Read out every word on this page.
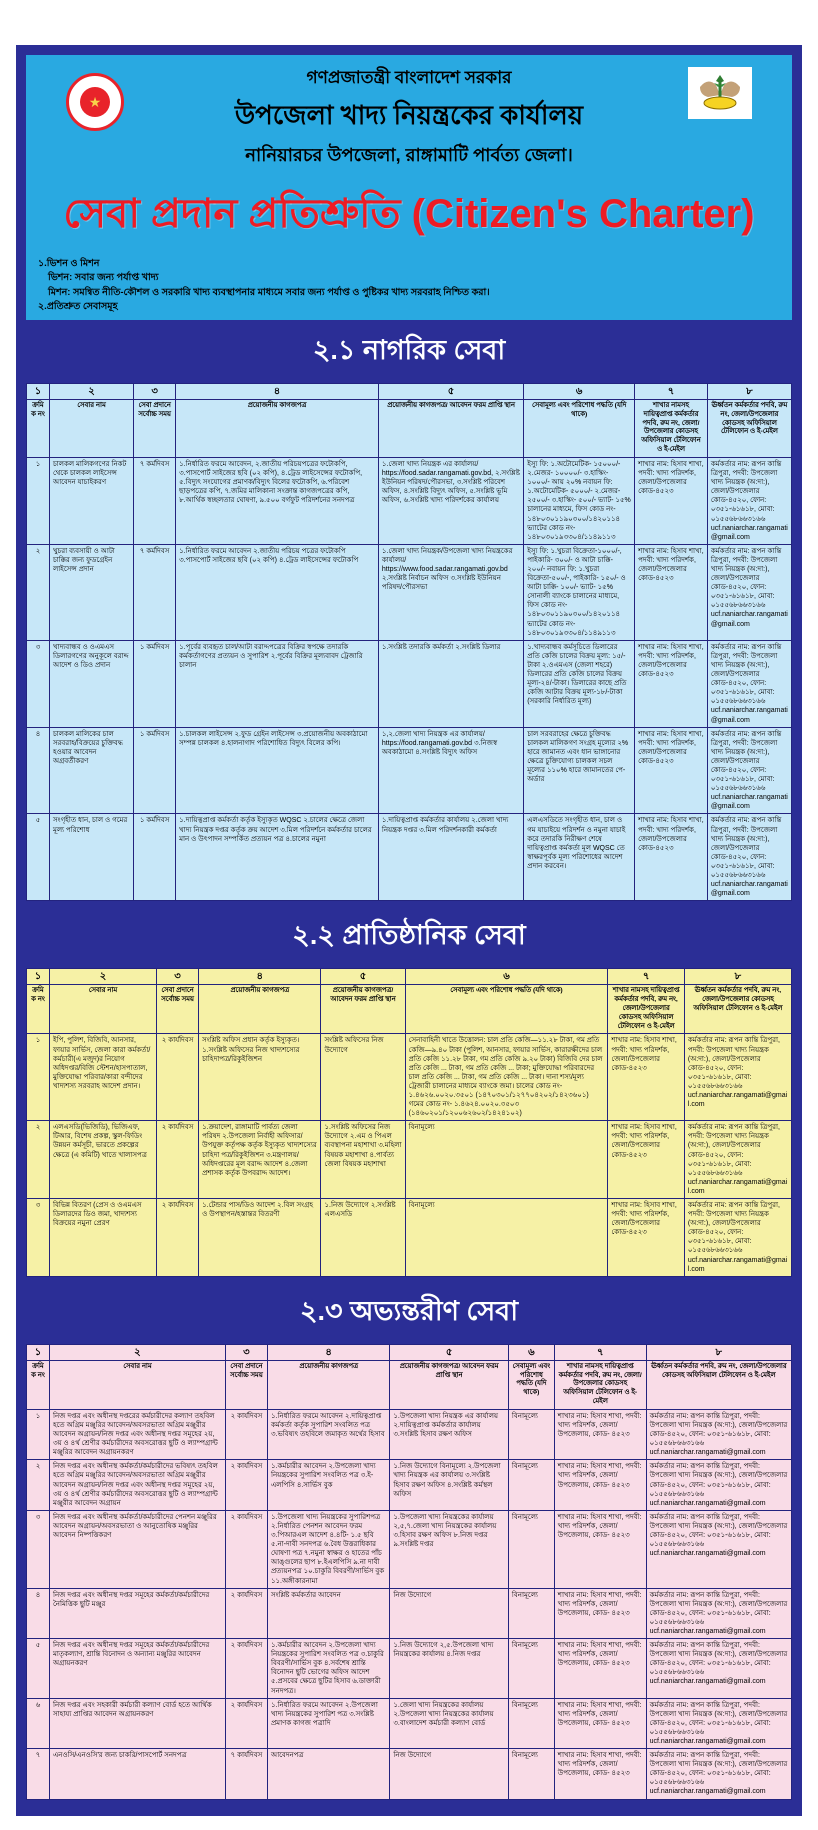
★
গণপ্রজাতন্ত্রী বাংলাদেশ সরকার
উপজেলা খাদ্য নিয়ন্ত্রকের কার্যালয়
নানিয়ারচর উপজেলা, রাঙ্গামাটি পার্বত্য জেলা।
সেবা প্রদান প্রতিশ্রুতি (Citizen's Charter)
১.ভিশন ও মিশন
ভিশন: সবার জন্য পর্যাপ্ত খাদ্য
মিশন: সমন্বিত নীতি-কৌশল ও সরকারি খাদ্য ব্যবস্থাপনার মাধ্যমে সবার জন্য পর্যাপ্ত ও পুষ্টিকর খাদ্য সরবরাহ নিশ্চিত করা।
২.প্রতিশ্রুত সেবাসমূহ
২.১ নাগরিক সেবা
১	২	৩	৪	৫	৬	৭	৮
ক্রমিক নং	সেবার নাম	সেবা প্রদানে সর্বোচ্চ সময়	প্রয়োজনীয় কাগজপত্র	প্রয়োজনীয় কাগজপত্র/ আবেদন ফরম প্রাপ্তি স্থান	সেবামূল্য এবং পরিশোধ পদ্ধতি (যদি থাকে)	শাখার নামসহ দায়িত্বপ্রাপ্ত কর্মকর্তার পদবি, রুম নং, জেলা/উপজেলার কোডসহ অফিসিয়াল টেলিফোন ও ই-মেইল	ঊর্ধ্বতন কর্মকর্তার পদবি, রুম নং, জেলা/উপজেলার কোডসহ অফিসিয়াল টেলিফোন ও ই-মেইল
১	চালকল মালিকগণের নিকট থেকে চালকল লাইসেন্স আবেদন যাচাইকরণ	৭ কর্মদিবস	১.নির্ধারিত ফরমে আবেদন, ২.জাতীয় পরিচয়পত্রের ফটোকপি, ৩.পাসপোর্ট সাইজের ছবি (০২ কপি), ৪.ট্রেড লাইসেন্সের ফটোকপি, ৫.বিদ্যুৎ সংযোগের প্রমাণক/বিদ্যুৎ বিলের ফটোকপি, ৬.পরিবেশ ছাড়পত্রের কপি, ৭.জমির মালিকানা সংক্রান্ত কাগজপত্রের কপি, ৮.আর্থিক স্বচ্ছলতার ঘোষণা, ৯.৫০০ বর্গফুট পরিদর্শনের সনদপত্র	১.জেলা খাদ্য নিয়ন্ত্রক এর কার্যালয়/ https://food.sadar.rangamati.gov.bd, ২.সংশ্লিষ্ট ইউনিয়ন পরিষদ/পৌরসভা, ৩.সংশ্লিষ্ট পরিবেশ অফিস, ৪.সংশ্লিষ্ট বিদ্যুৎ অফিস, ৫.সংশ্লিষ্ট ভূমি অফিস, ৬.সংশ্লিষ্ট খাদ্য পরিদর্শকের কার্যালয়	ইস্যু ফি: ১.অটোমেটিক- ১৫০০০/- ২.মেজর- ১০০০০/- ৩.হাস্কিং- ১০০০/- আয় ২০% নবায়ন ফি: ১.অটোমেটিক- ৫০০০/- ২.মেজর- ২৫০০/- ৩.হাস্কিং- ৫০০/- ভ্যাট- ১৫% চালানের মাধ্যমে, ফিস কোড নং- ১৪৮০৩০১১৯০৩০০/১৪২০১১৪ ভ্যাটের কোড নং- ১৪৮০৩০১৯৩৩০৪/১১৪৯১১৩	শাখার নাম: হিসাব শাখা, পদবী: খাদ্য পরিদর্শক, জেলা/উপজেলার কোড-৪৫২৩	কর্মকর্তার নাম: রূপন কান্তি ত্রিপুরা, পদবী: উপজেলা খাদ্য নিয়ন্ত্রক (অ:দা:), জেলা/উপজেলার কোড-৪৫২০, ফোন: ০৩৫১-৬১৬১৮, মোবা: ০১৫৫৬৮৬৬৩১৬৬ ucf.naniarchar.rangamati@gmail.com
২	খুচরা ব্যবসায়ী ও আটা চাক্কির জন্য ফুডগ্রেইন লাইসেন্স প্রদান	৭ কর্মদিবস	১.নির্ধারিত ফরমে আবেদন ২.জাতীয় পরিচয় পত্রের ফটোকপি ৩.পাসপোর্ট সাইজের ছবি (০২ কপি) ৪.ট্রেড লাইসেন্সের ফটোকপি	১.জেলা খাদ্য নিয়ন্ত্রক/উপজেলা খাদ্য নিয়ন্ত্রকের কার্যালয়/ https://www.food.sadar.rangamati.gov.bd ২.সংশ্লিষ্ট নির্বাচন অফিস ৩.সংশ্লিষ্ট ইউনিয়ন পরিষদ/পৌরসভা	ইস্যু ফি: ১.খুচরা বিক্রেতা-১০০০/-, পাইকারি- ৩০০/- ও আটা চাক্কি- ২০০/- নবায়ন ফি: ১.খুচরা বিক্রেতা-৫০০/-, পাইকারি- ১৫০/- ও আটা চাক্কি- ১০০/- ভ্যাট- ১৫% সোনালী ব্যাংকে চালানের মাধ্যমে, ফিস কোড নং- ১৪৮০৩০১১৯০৩০০/১৪২০১১৪ ভ্যাটের কোড নং- ১৪৮০৩০১৯৩৩০৪/১১৪৯১১৩	শাখার নাম: হিসাব শাখা, পদবী: খাদ্য পরিদর্শক, জেলা/উপজেলার কোড-৪৫২৩	কর্মকর্তার নাম: রূপন কান্তি ত্রিপুরা, পদবী: উপজেলা খাদ্য নিয়ন্ত্রক (অ:দা:), জেলা/উপজেলার কোড-৪৫২০, ফোন: ০৩৫১-৬১৬১৮, মোবা: ০১৫৫৬৮৬৬৩১৬৬ ucf.naniarchar.rangamati@gmail.com
৩	খাদ্যবান্ধব ও ওএমএস ডিলারগণের অনুকূলে বরাদ্দ আদেশ ও ডিও প্রদান	১ কর্মদিবস	১.পূর্বের ব্যবহৃত চাল/আটা বরাদ্দপত্রের বিক্রির স্বপক্ষে তদারকি কর্মকর্তাগণের প্রত্যয়ন ও সুপারিশ ২.পূর্বের বিক্রির মূল্যবাবদ ট্রেজারি চালান	১.সংশ্লিষ্ট তদারকি কর্মকর্তা ২.সংশ্লিষ্ট ডিলার	১.খাদ্যবান্ধব কর্মসূচিতে ডিলারের প্রতি কেজি চালের বিক্রয় মূল্য: ১৫/-টাকা ২.ওএমএস (জেলা শহরে) ডিলারের প্রতি কেজি চালের বিক্রয় মূল্য-২৪/-টাকা। ডিলারের কাছে প্রতি কেজি আটার বিক্রয় মূল্য-১৮/-টাকা (সরকারি নির্ধারিত মূল্য)	শাখার নাম: হিসাব শাখা, পদবী: খাদ্য পরিদর্শক, জেলা/উপজেলার কোড-৪৫২৩	কর্মকর্তার নাম: রূপন কান্তি ত্রিপুরা, পদবী: উপজেলা খাদ্য নিয়ন্ত্রক (অ:দা:), জেলা/উপজেলার কোড-৪৫২০, ফোন: ০৩৫১-৬১৬১৮, মোবা: ০১৫৫৬৮৬৬৩১৬৬ ucf.naniarchar.rangamati@gmail.com
৪	চালকল মালিকের চাল সরবরাহ/বিক্রয়ের চুক্তিবদ্ধ হওয়ার আবেদন অগ্রবর্তীকরণ	১ কর্মদিবস	১.চালকল লাইসেন্স ২.ফুড গ্রেইন লাইসেন্স ৩.প্রয়োজনীয় অবকাঠামো সম্পন্ন চালকল ৪.হালনাগাদ পরিশোধিত বিদ্যুৎ বিলের কপি।	১,২.জেলা খাদ্য নিয়ন্ত্রক এর কার্যালয়/ https://food.rangamati.gov.bd ৩.নিজস্ব অবকাঠামো ৪.সংশ্লিষ্ট বিদ্যুৎ অফিস	চাল সরবরাহের ক্ষেত্রে চুক্তিবদ্ধ চালকল মালিকগণ সংগ্রহ মূল্যের ২% হারে জামানত এবং ধান ভাঙ্গানোর ক্ষেত্রে চুক্তিযোগ্য চালকল সচল মূল্যের ১১০% হারে জামানতের পে-অর্ডার	শাখার নাম: হিসাব শাখা, পদবী: খাদ্য পরিদর্শক, জেলা/উপজেলার কোড-৪৫২৩	কর্মকর্তার নাম: রূপন কান্তি ত্রিপুরা, পদবী: উপজেলা খাদ্য নিয়ন্ত্রক (অ:দা:), জেলা/উপজেলার কোড-৪৫২০, ফোন: ০৩৫১-৬১৬১৮, মোবা: ০১৫৫৬৮৬৬৩১৬৬ ucf.naniarchar.rangamati@gmail.com
৫	সংগৃহীত ধান, চাল ও গমের মূল্য পরিশোধ	১ কর্মদিবস	১.দায়িত্বপ্রাপ্ত কর্মকর্তা কর্তৃক ইস্যুকৃত WQSC ২.চালের ক্ষেত্রে জেলা খাদ্য নিয়ন্ত্রক দপ্তর কর্তৃক ক্রয় আদেশ ৩.মিল পরিদর্শনে কর্মকর্তার চালের মান ও উৎপাদন সম্পর্কিত প্রত্যয়ন পত্র ৪.চালের নমুনা	১.দায়িত্বপ্রাপ্ত কর্মকর্তার কার্যালয় ২.জেলা খাদ্য নিয়ন্ত্রক দপ্তর ৩.মিল পরিদর্শনকারী কর্মকর্তা	এলএসডিতে সংগৃহীত ধান, চাল ও গম যাচাইয়ে পরিদর্শন ও নমুনা যাচাই করে তদারকি নিরীক্ষণ শেষে দায়িত্বপ্রাপ্ত কর্মকর্তা মূল WQSC তে স্বাক্ষরপূর্বক মূল্য পরিশোধের আদেশ প্রদান করবেন।	শাখার নাম: হিসাব শাখা, পদবী: খাদ্য পরিদর্শক, জেলা/উপজেলার কোড-৪৫২৩	কর্মকর্তার নাম: রূপন কান্তি ত্রিপুরা, পদবী: উপজেলা খাদ্য নিয়ন্ত্রক (অ:দা:), জেলা/উপজেলার কোড-৪৫২০, ফোন: ০৩৫১-৬১৬১৮, মোবা: ০১৫৫৬৮৬৬৩১৬৬ ucf.naniarchar.rangamati@gmail.com
২.২ প্রাতিষ্ঠানিক সেবা
১	২	৩	৪	৫	৬	৭	৮
ক্রমিক নং	সেবার নাম	সেবা প্রদানে সর্বোচ্চ সময়	প্রয়োজনীয় কাগজপত্র	প্রয়োজনীয় কাগজপত্র/ আবেদন ফরম প্রাপ্তি স্থান	সেবামূল্য এবং পরিশোধ পদ্ধতি (যদি থাকে)	শাখার নামসহ দায়িত্বপ্রাপ্ত কর্মকর্তার পদবি, রুম নং, জেলা/উপজেলার কোডসহ অফিসিয়াল টেলিফোন ও ই-মেইল	ঊর্ধ্বতন কর্মকর্তার পদবি, রুম নং, জেলা/উপজেলার কোডসহ অফিসিয়াল টেলিফোন ও ই-মেইল
১	ইপি, পুলিশ, বিজিবি, আনসার, ফায়ার সার্ভিস, জেলা কারা কর্মকর্তা/কর্মচারী(এ মজুদ)র নিয়োগ অধিদপ্তর/বিজি স্টেশন/হাসপাতাল, মুক্তিযোদ্ধা পরিবার/কারা বন্দীদের খাদ্যশস্য সরবরাহ আদেশ প্রদান।	২ কার্যদিবস	সংশ্লিষ্ট অফিস প্রধান কর্তৃক ইস্যুকৃত। ১.সংশ্লিষ্ট অফিসের নিজ খাদ্যশস্যের চাহিদাপত্র/রিকুইজিশন	সংশ্লিষ্ট অফিসের নিজ উদ্যোগে	সেনাবাহিনী খাতে উত্তোলন: চাল প্রতি কেজি—১১.২৮ টাকা, গম প্রতি কেজি—৯.৪০ টাকা (পুলিশ, আনসার, ফায়ার সার্ভিস, কারারক্ষীদের চাল প্রতি কেজি ১১.২৮ টাকা, গম প্রতি কেজি ৯.২০ টাকা) বিজিবি দের চাল প্রতি কেজি ... টাকা, গম প্রতি কেজি ... টাকা; মুক্তিযোদ্ধা পরিবারদের চাল প্রতি কেজি ... টাকা, গম প্রতি কেজি ... টাকা। দানা শস্য/মূল্য ট্রেজারী চালানের মাধ্যমে ব্যাংকে জমা। চালের কোড নং- ১.৪৬২৬.০০২০.৩৫০১ (১৪৭০৩০১/১২৭৭০৪২০২/১৪২৩৬০১) গমের কোড নং- ১.৪৬২৪.০০২০.৩৫০৩ (১৪৬০২০১/১২০০৬২৬০২/১৪২৪১০২)	শাখার নাম: হিসাব শাখা, পদবী: খাদ্য পরিদর্শক, জেলা/উপজেলার কোড-৪৫২৩	কর্মকর্তার নাম: রূপন কান্তি ত্রিপুরা, পদবী: উপজেলা খাদ্য নিয়ন্ত্রক (অ:দা:), জেলা/উপজেলার কোড-৪৫২০, ফোন: ০৩৫১-৬১৬১৮, মোবা: ০১৫৫৬৮৬৬৩১৬৬ ucf.naniarchar.rangamati@gmail.com
২	এলএসডি(ভিজিডি), ভিজিএফ, টিআর, বিশেষ প্রকল্প, স্কুল-ফিডিং উন্নয়ন কর্মসূচী, ভারতে প্রকল্পের ক্ষেত্রে (এ কমিটি) খাতে খালাসপত্র	২ কার্যদিবস	১.ক্রয়াদেশ, রাঙ্গামাটি পার্বত্য জেলা পরিষদ ২.উপজেলা নির্বাহী অফিসার/উপযুক্ত কর্তৃপক্ষ কর্তৃক ইস্যুকৃত খাদ্যশস্যের চাহিদা পত্র/রিকুইজিশন ৩.মন্ত্রণালয়/অধিদপ্তরের মূল বরাদ্দ আদেশ ৪.জেলা প্রশাসক কর্তৃক উপবরাদ্দ আদেশ।	১.সংশ্লিষ্ট অফিসের নিজ উদ্যোগে ২.এম ও পিএল ব্যবস্থাপনা মহাশাখা ৩.মহিলা বিষয়ক মহাশাখা ৪.পার্বত্য জেলা বিষয়ক মহাশাখা	বিনামূল্যে	শাখার নাম: হিসাব শাখা, পদবী: খাদ্য পরিদর্শক, জেলা/উপজেলার কোড-৪৫২৩	কর্মকর্তার নাম: রূপন কান্তি ত্রিপুরা, পদবী: উপজেলা খাদ্য নিয়ন্ত্রক (অ:দা:), জেলা/উপজেলার কোড-৪৫২০, ফোন: ০৩৫১-৬১৬১৮, মোবা: ০১৫৫৬৮৬৬৩১৬৬ ucf.naniarchar.rangamati@gmail.com
৩	বিভিন্ন বিতরণ (প্রেস ও ওএমএস ডিলারদের ডিও জমা, খাদ্যশস্য বিক্রয়ের নমুনা প্রেরণ	২ কার্যদিবস	১.টেন্ডার পাস/ডিও আদেশ ২.বিল সংগ্রহ ও উপস্থাপন/হস্তান্তর বিতরণী	১.নিজ উদ্যোগে ২.সংশ্লিষ্ট এলএসডি	বিনামূল্যে	শাখার নাম: হিসাব শাখা, পদবী: খাদ্য পরিদর্শক, জেলা/উপজেলার কোড-৪৫২৩	কর্মকর্তার নাম: রূপন কান্তি ত্রিপুরা, পদবী: উপজেলা খাদ্য নিয়ন্ত্রক (অ:দা:), জেলা/উপজেলার কোড-৪৫২০, ফোন: ০৩৫১-৬১৬১৮, মোবা: ০১৫৫৬৮৬৬৩১৬৬ ucf.naniarchar.rangamati@gmail.com
২.৩ অভ্যন্তরীণ সেবা
১	২	৩	৪	৫	৬	৭	৮
ক্রমিক নং	সেবার নাম	সেবা প্রদানে সর্বোচ্চ সময়	প্রয়োজনীয় কাগজপত্র	প্রয়োজনীয় কাগজপত্র/ আবেদন ফরম প্রাপ্তি স্থান	সেবামূল্য এবং পরিশোধ পদ্ধতি (যদি থাকে)	শাখার নামসহ দায়িত্বপ্রাপ্ত কর্মকর্তার পদবি, রুম নং, জেলা/উপজেলার কোডসহ অফিসিয়াল টেলিফোন ও ই-মেইল	ঊর্ধ্বতন কর্মকর্তার পদবি, রুম নং, জেলা/উপজেলার কোডসহ অফিসিয়াল টেলিফোন ও ই-মেইল
১	নিজ দপ্তর এবং অধীনস্থ দপ্তরের কর্মচারীদের কল্যাণ তহবিল হতে অগ্রিম মঞ্জুরির আবেদন/অবসরভাতা অগ্রিম মঞ্জুরীর আবেদন অগ্রায়ন/নিজ দপ্তর এবং অধীনস্থ দপ্তর সমূহের ২য়, ৩য় ও ৪র্থ শ্রেণীর কর্মচারীদের অবসরোত্তর ছুটি ও ল্যাম্পগ্রান্ট মঞ্জুরির আবেদন অগ্রায়নকরণ	২ কার্যদিবস	১.নির্ধারিত ফরমে আবেদন ২.দায়িত্বপ্রাপ্ত কর্মকর্তা কর্তৃক সুপারিশ সংবলিত পত্র ৩.ভবিষ্যৎ তহবিলে জমাকৃত অর্থের হিসাব	১.উপজেলা খাদ্য নিয়ন্ত্রক এর কার্যালয় ২.দায়িত্বপ্রাপ্ত কর্মকর্তার কার্যালয় ৩.সংশ্লিষ্ট হিসাব রক্ষণ অফিস	বিনামূল্যে	শাখার নাম: হিসাব শাখা, পদবী: খাদ্য পরিদর্শক, জেলা/উপজেলায়, কোড- ৪৫২৩	কর্মকর্তার নাম: রূপন কান্তি ত্রিপুরা, পদবী: উপজেলা খাদ্য নিয়ন্ত্রক (অ:দা:), জেলা/উপজেলার কোড-৪৫২০, ফোন: ০৩৫১-৬১৬১৮, মোবা: ০১৫৫৬৮৬৬৩১৬৬ ucf.naniarchar.rangamati@gmail.com
২	নিজ দপ্তর এবং অধীনস্থ কর্মকর্তা/কর্মচারীদের ভবিষ্যৎ তহবিল হতে অগ্রিম মঞ্জুরির আবেদন/অবসরভাতা অগ্রিম মঞ্জুরীর আবেদন অগ্রায়ন/নিজ দপ্তর এবং অধীনস্থ দপ্তর সমূহের ২য়, ৩য় ও ৪র্থ শ্রেণীর কর্মচারীদের অবসরোত্তর ছুটি ও ল্যাম্পগ্রান্ট মঞ্জুরীর আবেদন অগ্রায়ন	২ কার্যদিবস	১.কর্মচারীর আবেদন ২.উপজেলা খাদ্য নিয়ন্ত্রকের সুপারিশ সংবলিত পত্র ৩.ই-এলপিসি ৪.সার্ভিস বুক	১.নিজ উদ্যোগে বিনামূল্যে ২.উপজেলা খাদ্য নিয়ন্ত্রক এর কার্যালয় ৩.সংশ্লিষ্ট হিসাব রক্ষণ অফিস ৪.সংশ্লিষ্ট কর্মস্থল অফিস	বিনামূল্যে	শাখার নাম: হিসাব শাখা, পদবী: খাদ্য পরিদর্শক, জেলা/উপজেলায়, কোড- ৪৫২৩	কর্মকর্তার নাম: রূপন কান্তি ত্রিপুরা, পদবী: উপজেলা খাদ্য নিয়ন্ত্রক (অ:দা:), জেলা/উপজেলার কোড-৪৫২০, ফোন: ০৩৫১-৬১৬১৮, মোবা: ০১৫৫৬৮৬৬৩১৬৬ ucf.naniarchar.rangamati@gmail.com
৩	নিজ দপ্তর এবং অধীনস্থ কর্মকর্তা/কর্মচারীদের পেনশন মঞ্জুরির আবেদন অগ্রায়ন/অবসরভাতা ও আনুতোষিক মঞ্জুরির আবেদন নিষ্পত্তিকরণ	২ কার্যদিবস	১.উপজেলা খাদ্য নিয়ন্ত্রকের সুপারিশপত্র ২.নির্ধারিত পেনশন আবেদন ফরম ৩.পিআরএল আদেশ ৪.৪টি- ১.৫ ছবি ৫.না-দাবী সনদপত্র ৬.বৈধ উত্তরাধিকার ঘোষণা পত্র ৭.নমুনা স্বাক্ষর ও হাতের পাঁচ আঙ্গুলের ছাপ ৮.ইএলপিসি ৯.না দাবী প্রত্যয়নপত্র ১০.চাকুরি বিবরণী/সার্ভিস বুক ১১.অঙ্গীকারনামা	১.উপজেলা খাদ্য নিয়ন্ত্রকের কার্যালয় ২,৫,৭.জেলা খাদ্য নিয়ন্ত্রকের কার্যালয় ৩.হিসাব রক্ষণ অফিস ৮.নিজ দপ্তর ৯.সংশ্লিষ্ট দপ্তর	বিনামূল্যে	শাখার নাম: হিসাব শাখা, পদবী: খাদ্য পরিদর্শক, জেলা/উপজেলায়, কোড- ৪৫২৩	কর্মকর্তার নাম: রূপন কান্তি ত্রিপুরা, পদবী: উপজেলা খাদ্য নিয়ন্ত্রক (অ:দা:), জেলা/উপজেলার কোড-৪৫২০, ফোন: ০৩৫১-৬১৬১৮, মোবা: ০১৫৫৬৮৬৬৩১৬৬ ucf.naniarchar.rangamati@gmail.com
৪	নিজ দপ্তর এবং অধীনস্থ দপ্তর সমূহের কর্মকর্তা/কর্মচারীদের নৈমিত্তিক ছুটি মঞ্জুর	২ কার্যদিবস	সংশ্লিষ্ট কর্মকর্তার আবেদন	নিজ উদ্যোগে	বিনামূল্যে	শাখার নাম: হিসাব শাখা, পদবী: খাদ্য পরিদর্শক, জেলা/উপজেলায়, কোড- ৪৫২৩	কর্মকর্তার নাম: রূপন কান্তি ত্রিপুরা, পদবী: উপজেলা খাদ্য নিয়ন্ত্রক (অ:দা:), জেলা/উপজেলার কোড-৪৫২০, ফোন: ০৩৫১-৬১৬১৮, মোবা: ০১৫৫৬৮৬৬৩১৬৬ ucf.naniarchar.rangamati@gmail.com
৫	নিজ দপ্তর এবং অধীনস্থ দপ্তর সমূহের কর্মকর্তা/কর্মচারীদের মাতৃকল্যাণ, শ্রান্তি বিনোদন ও অন্যান্য মঞ্জুরির আবেদন অগ্রায়নকরণ	২ কার্যদিবস	১.কর্মচারীর আবেদন ২.উপজেলা খাদ্য নিয়ন্ত্রকের সুপারিশ সংবলিত পত্র ৩.চাকুরি বিবরণী/সার্ভিস বুক ৪.সর্বশেষ শ্রান্তি বিনোদন ছুটি ভোগের অফিস আদেশ ৫.প্রসবের ক্ষেত্রে ছুটির হিসাব ৬.ডাক্তারী সনদপত্র।	১.নিজ উদ্যোগে ২,৫.উপজেলা খাদ্য নিয়ন্ত্রকের কার্যালয় ৪.নিজ দপ্তর	বিনামূল্যে	শাখার নাম: হিসাব শাখা, পদবী: খাদ্য পরিদর্শক, জেলা/উপজেলায়, কোড- ৪৫২৩	কর্মকর্তার নাম: রূপন কান্তি ত্রিপুরা, পদবী: উপজেলা খাদ্য নিয়ন্ত্রক (অ:দা:), জেলা/উপজেলার কোড-৪৫২০, ফোন: ০৩৫১-৬১৬১৮, মোবা: ০১৫৫৬৮৬৬৩১৬৬ ucf.naniarchar.rangamati@gmail.com
৬	নিজ দপ্তর এবং সহকারী কর্মচারী কল্যাণ বোর্ড হতে আর্থিক সাহায্য প্রাপ্তির আবেদন অগ্রায়নকরণ	২ কার্যদিবস	১.নির্ধারিত ফরমে আবেদন ২.উপজেলা খাদ্য নিয়ন্ত্রকের সুপারিশ পত্র ৩.সংশ্লিষ্ট প্রমাণক কাগজ পত্রাদি	১.জেলা খাদ্য নিয়ন্ত্রকের কার্যালয় ২.উপজেলা খাদ্য নিয়ন্ত্রকের কার্যালয় ৩.বাংলাদেশ কর্মচারী কল্যাণ বোর্ড	বিনামূল্যে	শাখার নাম: হিসাব শাখা, পদবী: খাদ্য পরিদর্শক, জেলা/উপজেলায়, কোড- ৪৫২৩	কর্মকর্তার নাম: রূপন কান্তি ত্রিপুরা, পদবী: উপজেলা খাদ্য নিয়ন্ত্রক (অ:দা:), জেলা/উপজেলার কোড-৪৫২০, ফোন: ০৩৫১-৬১৬১৮, মোবা: ০১৫৫৬৮৬৬৩১৬৬ ucf.naniarchar.rangamati@gmail.com
৭	এনওসি/এনওসি'র জন্য চাকরি/পাসপোর্ট সনদপত্র	৭ কার্যদিবস	আবেদনপত্র	নিজ উদ্যোগে	বিনামূল্যে	শাখার নাম: হিসাব শাখা, পদবী: খাদ্য পরিদর্শক, জেলা/উপজেলায়, কোড- ৪৫২৩	কর্মকর্তার নাম: রূপন কান্তি ত্রিপুরা, পদবী: উপজেলা খাদ্য নিয়ন্ত্রক (অ:দা:), জেলা/উপজেলার কোড-৪৫২০, ফোন: ০৩৫১-৬১৬১৮, মোবা: ০১৫৫৬৮৬৬৩১৬৬ ucf.naniarchar.rangamati@gmail.com
